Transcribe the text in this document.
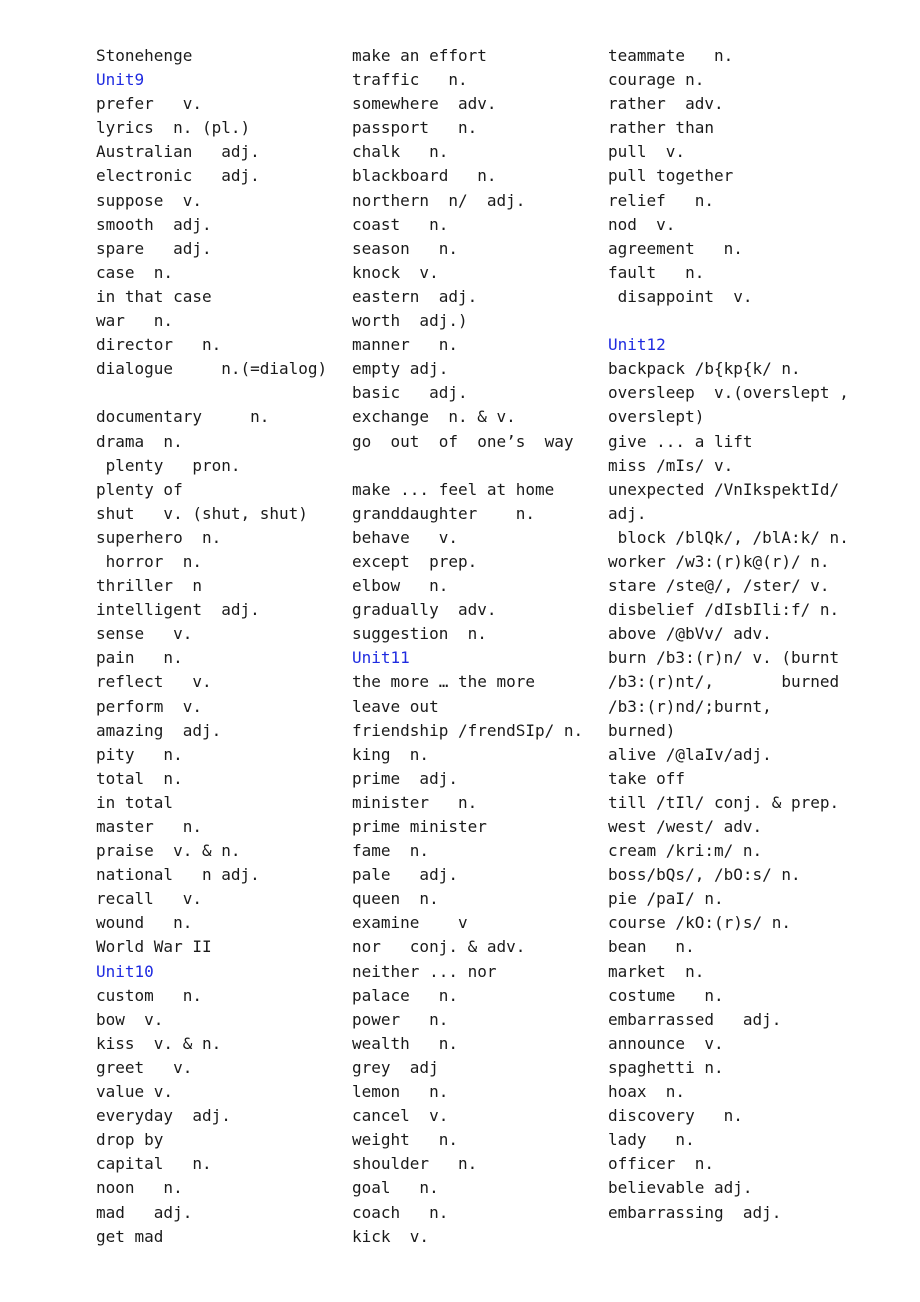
Stonehenge
Unit9
prefer   v.
lyrics  n. (pl.)
Australian   adj.
electronic   adj.
suppose  v.
smooth  adj.
spare   adj.
case  n.
in that case
war   n.
director   n.
dialogue     n.(=dialog)
documentary     n.
drama  n.
plenty   pron.
plenty of
shut   v. (shut, shut)
superhero  n.
horror  n.
thriller  n
intelligent  adj.
sense   v.
pain   n.
reflect   v.
perform  v.
amazing  adj.
pity   n.
total  n.
in total
master   n.
praise  v. & n.
national   n adj.
recall   v.
wound   n.
World War II
Unit10
custom   n.
bow  v.
kiss  v. & n.
greet   v.
value v.
everyday  adj.
drop by
capital   n.
noon   n.
mad   adj.
get mad
make an effort
traffic   n.
somewhere  adv.
passport   n.
chalk   n.
blackboard   n.
northern  n/  adj.
coast   n.
season   n.
knock  v.
eastern  adj.
worth  adj.)
manner   n.
empty adj.
basic   adj.
exchange  n. & v.
go  out  of  one’s  way
make ... feel at home
granddaughter    n.
behave   v.
except  prep.
elbow   n.
gradually  adv.
suggestion  n.
Unit11
the more … the more
leave out
friendship /frendSIp/ n.
king  n.
prime  adj.
minister   n.
prime minister
fame  n.
pale   adj.
queen  n.
examine    v
nor   conj. & adv.
neither ... nor
palace   n.
power   n.
wealth   n.
grey  adj
lemon   n.
cancel  v.
weight   n.
shoulder   n.
goal   n.
coach   n.
kick  v.
teammate   n.
courage n.
rather  adv.
rather than
pull  v.
pull together
relief   n.
nod  v.
agreement   n.
fault   n.
disappoint  v.
Unit12
backpack /b{kp{k/ n.
oversleep  v.(overslept ,
overslept)
give ... a lift
miss /mIs/ v.
unexpected /VnIkspektId/
adj.
block /blQk/, /blA:k/ n.
worker /w3:(r)k@(r)/ n.
stare /ste@/, /ster/ v.
disbelief /dIsbIli:f/ n.
above /@bVv/ adv.
burn /b3:(r)n/ v. (burnt
/b3:(r)nt/,       burned
/b3:(r)nd/;burnt,
burned)
alive /@laIv/adj.
take off
till /tIl/ conj. & prep.
west /west/ adv.
cream /kri:m/ n.
boss/bQs/, /bO:s/ n.
pie /paI/ n.
course /kO:(r)s/ n.
bean   n.
market  n.
costume   n.
embarrassed   adj.
announce  v.
spaghetti n.
hoax  n.
discovery   n.
lady   n.
officer  n.
believable adj.
embarrassing  adj.
